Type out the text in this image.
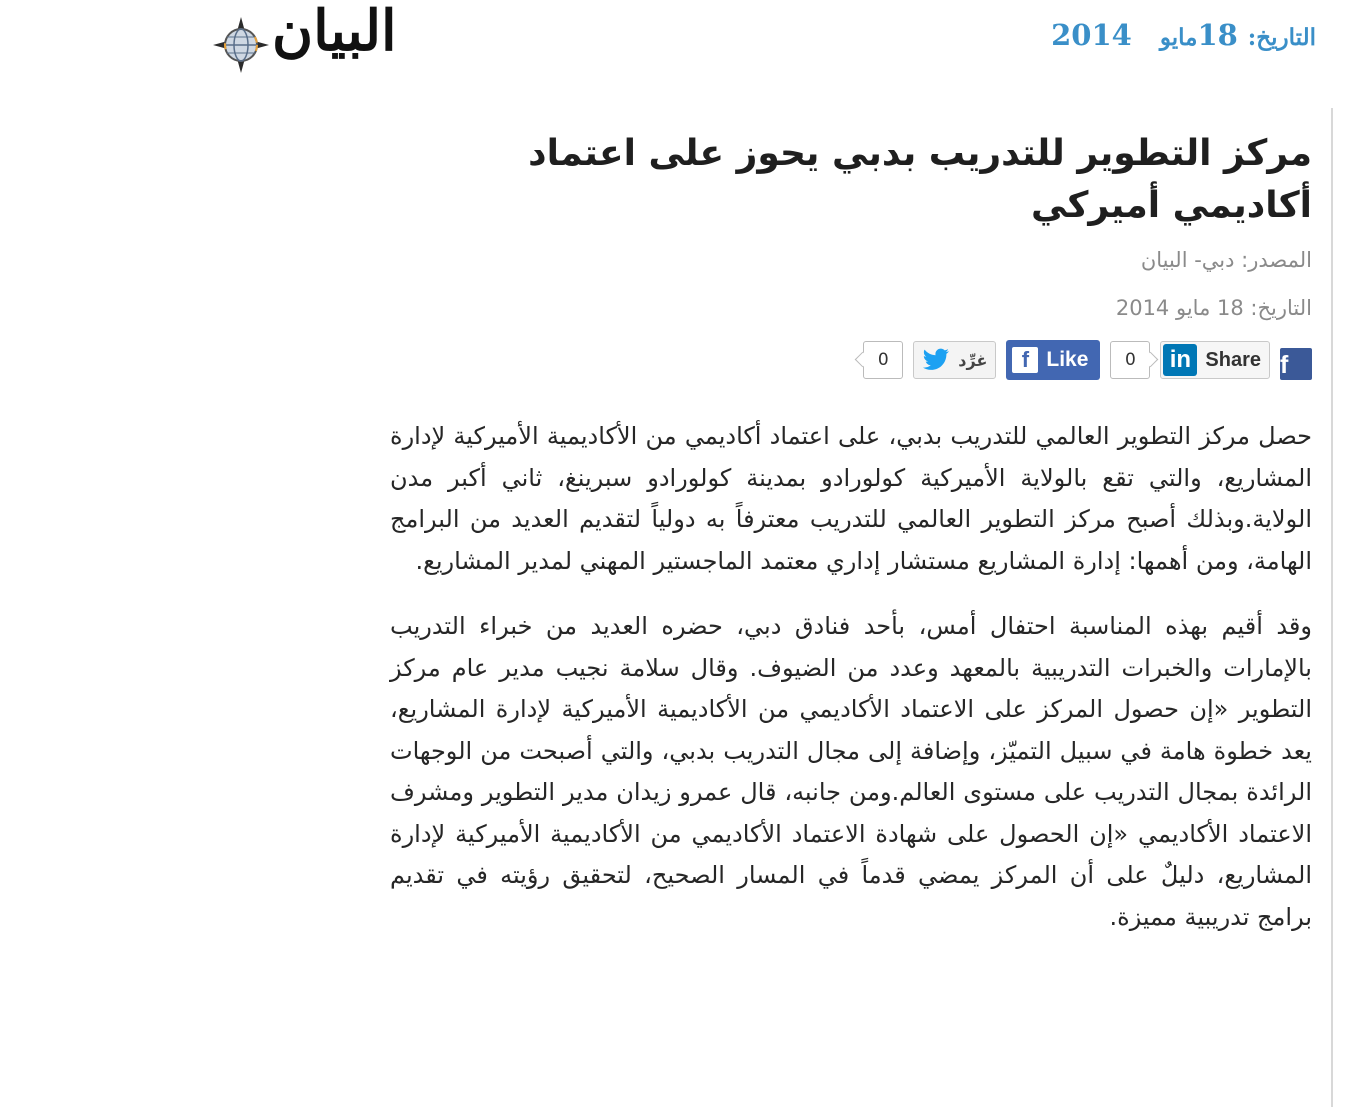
التاريخ:18مايو2014
البيان
مركز التطوير للتدريب بدبي يحوز على اعتماد أكاديمي أميركي
المصدر: دبي- البيان
التاريخ: 18 مايو 2014
f
in Share
0
f Like
غرِّد
0

حصل مركز التطوير العالمي للتدريب بدبي، على اعتماد أكاديمي من الأكاديمية الأميركية لإدارة المشاريع، والتي تقع بالولاية الأميركية كولورادو بمدينة كولورادو سبرينغ، ثاني أكبر مدن الولاية.وبذلك أصبح مركز التطوير العالمي للتدريب معترفاً به دولياً لتقديم العديد من البرامج الهامة، ومن أهمها: إدارة المشاريع مستشار إداري معتمد الماجستير المهني لمدير المشاريع.

وقد أقيم بهذه المناسبة احتفال أمس، بأحد فنادق دبي، حضره العديد من خبراء التدريب بالإمارات والخبرات التدريبية بالمعهد وعدد من الضيوف. وقال سلامة نجيب مدير عام مركز التطوير «إن حصول المركز على الاعتماد الأكاديمي من الأكاديمية الأميركية لإدارة المشاريع، يعد خطوة هامة في سبيل التميّز، وإضافة إلى مجال التدريب بدبي، والتي أصبحت من الوجهات الرائدة بمجال التدريب على مستوى العالم.ومن جانبه، قال عمرو زيدان مدير التطوير ومشرف الاعتماد الأكاديمي «إن الحصول على شهادة الاعتماد الأكاديمي من الأكاديمية الأميركية لإدارة المشاريع، دليلٌ على أن المركز يمضي قدماً في المسار الصحيح، لتحقيق رؤيته في تقديم برامج تدريبية مميزة.
